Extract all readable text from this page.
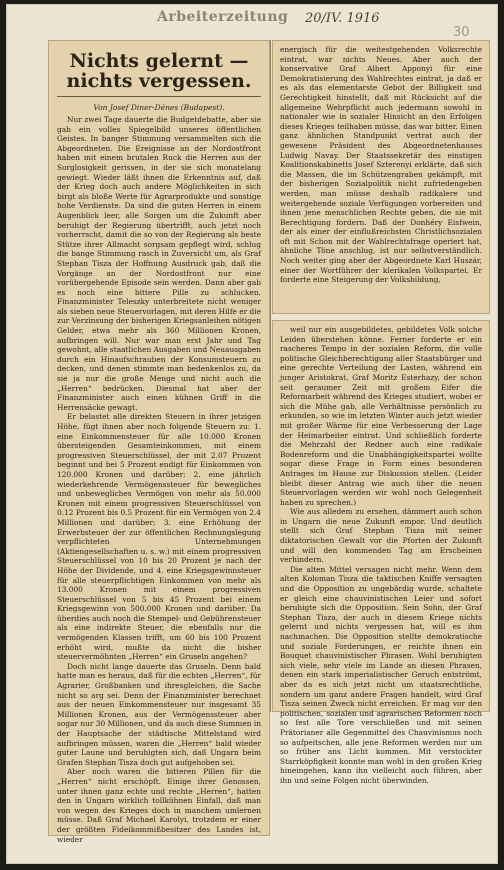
Arbeiterzeitung 20/IV. 1916
30
Nichts gelernt — nichts vergessen.
Von Josef Diner-Dénes (Budapest).

Nur zwei Tage dauerte die Budgetdebatte, aber sie gab ein volles Spiegelbild unseres öffentlichen Geistes. In banger Stimmung versammelten sich die Abgeordneten. Die Ereignisse an der Nordostfront haben mit einem brutalen Ruck die Herren aus der Sorglosigkeit gerissen, in der sie sich monatelang gewiegt. Wieder läßt ihnen die Erkenntnis auf, daß der Krieg doch auch andere Möglichkeiten in sich birgt als bloße Werte für Agrarprodukte und sonstige hohe Verdienste. Da sind die guten Herren in einem Augenblick leer, alle Sorgen um die Zukunft aber beruhigt der Regierung übertrifft, auch jetzt noch vorherrscht, damit die so von der Regierung als beste Stütze ihrer Allmacht sorgsam gepflegt wird, schlug die bange Stimmung rasch in Zuversicht um, als Graf Stephan Tisza der Hoffnung Ausdruck gab, daß die Vorgänge an der Nordostfront nur eine vorübergehende Episode sein werden. Dann aber gab es noch eine bittere Pille zu schlucken. Finanzminister Teleszky unterbreitete nicht weniger als sieben neue Steuervorlagen, mit deren Hilfe er die zur Verzinsung der bisherigen Kriegsanleihen nötigen Gelder, etwa mehr als 360 Millionen Kronen, aufbringen will. Nur war man erst Jahr und Tag gewohnt, alle staatlichen Ausgaben und Neuausgaben durch ein Hinaufschrauben der Konsumsteuern zu decken, und denen stimmte man bedenkenlos zu, da sie ja nur die große Menge und nicht auch die „Herren“ bedrücken. Diesmal hat aber der Finanzminister auch einen kühnen Griff in die Herrensäcke gewagt.

Er belastet alle direkten Steuern in ihrer jetzigen Höhe, fügt ihnen aber noch folgende Steuern zu: 1. eine Einkommensteuer für alle 10.000 Kronen übersteigenden Gesamteinkommen, mit einem progressiven Steuerschlüssel, der mit 2.07 Prozent beginnt und bei 5 Prozent endigt für Einkommen von 120.000 Kronen und darüber; 2. eine jährlich wiederkehrende Vermögenssteuer für bewegliches und unbewegliches Vermögen von mehr als 50.000 Kronen mit einem progressiven Steuerschlüssel von 0.12 Prozent bis 0.5 Prozent für ein Vermögen von 2.4 Millionen und darüber; 3. eine Erhöhung der Erwerbsteuer der zur öffentlichen Rechnungslegung verpflichteten Unternehmungen (Aktiengesellschaften u. s. w.) mit einem progressiven Steuerschlüssel von 10 bis 20 Prozent je nach der Höhe der Dividende, und 4. eine Kriegsgewinnsteuer für alle steuerpflichtigen Einkommen von mehr als 13.000 Kronen mit einem progressiven Steuerschlüssel von 5 bis 45 Prozent bei einem Kriegsgewinn von 500.000 Kronen und darüber. Da überdies auch noch die Stempel- und Gebührensteuer als eine indirekte Steuer, die ebenfalls nur die vermögenden Klassen trifft, um 60 bis 100 Prozent erhöht wird, mußte da nicht die bisher steuervermöhnten „Herren“ ein Gruseln angehen?

Doch nicht lange dauerte das Gruseln. Denn bald hatte man es heraus, daß für die echten „Herren“, für Agrarier, Großbanken und ihresgleichen, die Sache nicht so arg sei. Denn der Finanzminister berechnet aus der neuen Einkommensteuer nur insgesamt 35 Millionen Kronen, aus der Vermögenssteuer aber sogar nur 30 Millionen, und da auch diese Summen in der Hauptsache der städtische Mittelstand wird aufbringen müssen, waren die „Herren“ bald wieder guter Laune und beruhigten sich, daß Ungarn beim Grafen Stephan Tisza doch gut aufgehoben sei.

Aber noch waren die bitteren Pillen für die „Herren“ nicht erschöpft. Einige ihrer Genossen, unter ihnen ganz echte und rechte „Herren“, hatten den in Ungarn wirklich tollkühnen Einfall, daß man von wegen des Krieges doch in manchem umlernen müsse. Daß Graf Michael Karolyi, trotzdem er einer der größten Fideikommißbesitzer des Landes ist, wieder

energisch für die weitestgehenden Volksrechte eintrat, war nichts Neues. Aber auch der konservative Graf Albert Apponyi für eine Demokratisierung des Wahlrechtes eintrat, ja daß er es als das elementarste Gebot der Billigkeit und Gerechtigkeit hinstellt, daß mit Rücksicht auf die allgemeine Wehrpflicht auch jedermann sowohl in nationaler wie in sozialer Hinsicht an den Erfolgen dieses Krieges teilhaben müsse, das war bitter. Einen ganz ähnlichen Standpunkt vertrat auch der gewesene Präsident des Abgeordnetenhauses Ludwig Navay. Der Staatssekretär des einstigen Koalitionskabinetts Josef Szterenyi erklärte, daß sich die Massen, die im Schützengraben gekämpft, mit der bisherigen Sozialpolitik nicht zufriedengeben werden, man müsse deshalb radikalere und weitergehende soziale Verfügungen vorbereiten und ihnen jene menschlichen Rechte geben, die sie mit Berechtigung fordern. Daß der Donhéry Eisfwein, der als einer der einflußreichsten Christlichsozialen oft mit Schon mit der Wahlrechtsfrage operiert hat, ähnliche Töne anschlug, ist nur selbstverständlich. Noch weiter ging aber der Abgeordnete Karl Huszár, einer der Wortführer der klerikalen Volkspartei. Er forderte eine Steigerung der Volksbildung,

weil nur ein ausgebildetes, gebildetes Volk solche Leiden überstehen könne. Ferner forderte er ein rascheres Tempo in der sozialen Reform, die volle politische Gleichberechtigung aller Staatsbürger und eine gerechte Verteilung der Lasten, während ein junger Aristokrat, Graf Moritz Esterhazy, der schon seit geraumer Zeit mit großem Eifer die Reformarbeit während des Krieges studiert, wobei er sich die Mühe gab, alle Verhältnisse persönlich zu erkunden, so wie im letzten Winter auch jetzt wieder mit großer Wärme für eine Verbesserung der Lage der Heimarbeiter eintrat. Und schließlich forderte die Mehrzahl der Redner auch eine radikale Bodenreform und die Unabhängigkeitspartei wollte sogar diese Frage in Form eines besonderen Antrages im Hause zur Diskussion stellen. (Leider bleibt dieser Antrag wie auch über die neuen Steuervorlagen werden wir wohl noch Gelegenheit haben zu sprechen.)

Wie aus alledem zu ersehen, dämmert auch schon in Ungarn die neue Zukunft empor. Und deutlich stellt sich Graf Stephan Tisza mit seiner diktatorischen Gewalt vor die Pforten der Zukunft und will den kommenden Tag am Erscheinen verhindern.

Die alten Mittel versagen nicht mehr. Wenn dem alten Koloman Tisza die taktischen Kniffe versagten und die Opposition zu ungebärdig wurde, schaltete er gleich eine chauvinistischen Leier und sofort beruhigte sich die Opposition. Sein Sohn, der Graf Stephan Tisza, der auch in diesem Kriege nichts gelernt und nichts vergessen hat, will es ihm nachmachen. Die Opposition stellte demokratische und soziale Forderungen, er reichte ihnen ein Bouquet chauvinistischer Phrasen. Wohl beruhigten sich viele, sehr viele im Lande an diesen Phrasen, denen ein stark imperialistischer Geruch entströmt, aber da es sich jetzt nicht um staatsrechtliche, sondern um ganz andere Fragen handelt, wird Graf Tisza seinen Zweck nicht erreichen. Er mag vor den politischen, sozialen und agrarischen Reformen noch so fest alle Tore verschließen und mit seinen Prätorianer alle Gegenmittel des Chauvinismus noch so aufpeitschen, alle jene Reformen werden nur um so früher ans Licht kommen. Mit verstockter Starrköpfigkeit konnte man wohl in den großen Krieg hineingehen, kann ihn vielleicht auch führen, aber ihn und seine Folgen nicht überwinden.
